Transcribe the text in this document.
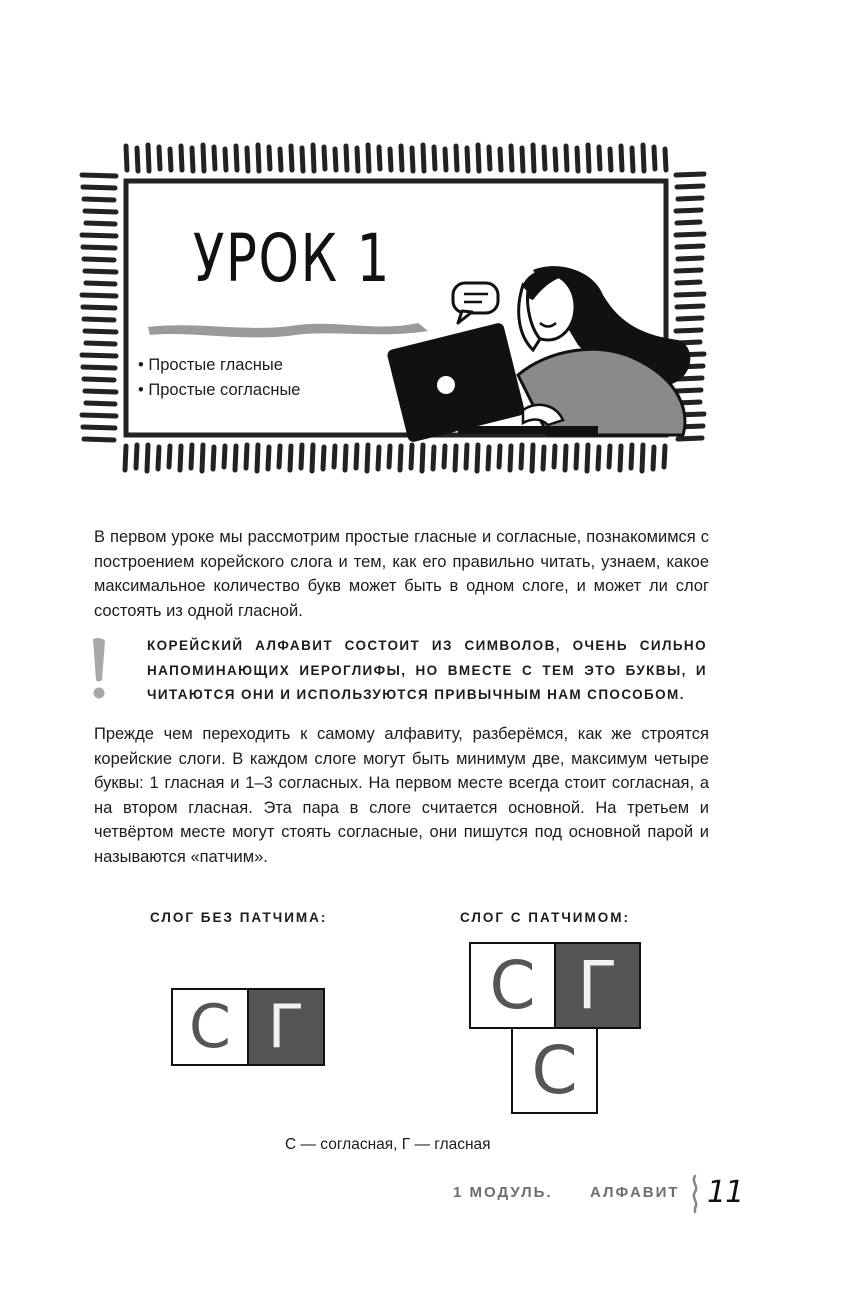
УРОК 1
• Простые гласные
• Простые согласные

В первом уроке мы рассмотрим простые гласные и согласные, познакомимся с построением корейского слога и тем, как его правильно читать, узнаем, какое максимальное количество букв может быть в одном слоге, и может ли слог состоять из одной гласной.

КОРЕЙСКИЙ АЛФАВИТ СОСТОИТ ИЗ СИМВОЛОВ, ОЧЕНЬ СИЛЬНО НАПОМИНАЮЩИХ ИЕРОГЛИФЫ, НО ВМЕСТЕ С ТЕМ ЭТО БУКВЫ, И ЧИТАЮТСЯ ОНИ И ИСПОЛЬЗУЮТСЯ ПРИВЫЧНЫМ НАМ СПОСОБОМ.

Прежде чем переходить к самому алфавиту, разберёмся, как же строятся корейские слоги. В каждом слоге могут быть минимум две, максимум четыре буквы: 1 гласная и 1–3 согласных. На первом месте всегда стоит согласная, а на втором гласная. Эта пара в слоге считается основной. На третьем и четвёртом месте могут стоять согласные, они пишутся под основной парой и называются «патчим».

СЛОГ БЕЗ ПАТЧИМА:	СЛОГ С ПАТЧИМОМ:

С Г
С Г
С

С — согласная, Г — гласная

1 МОДУЛЬ. АЛФАВИТ 11
